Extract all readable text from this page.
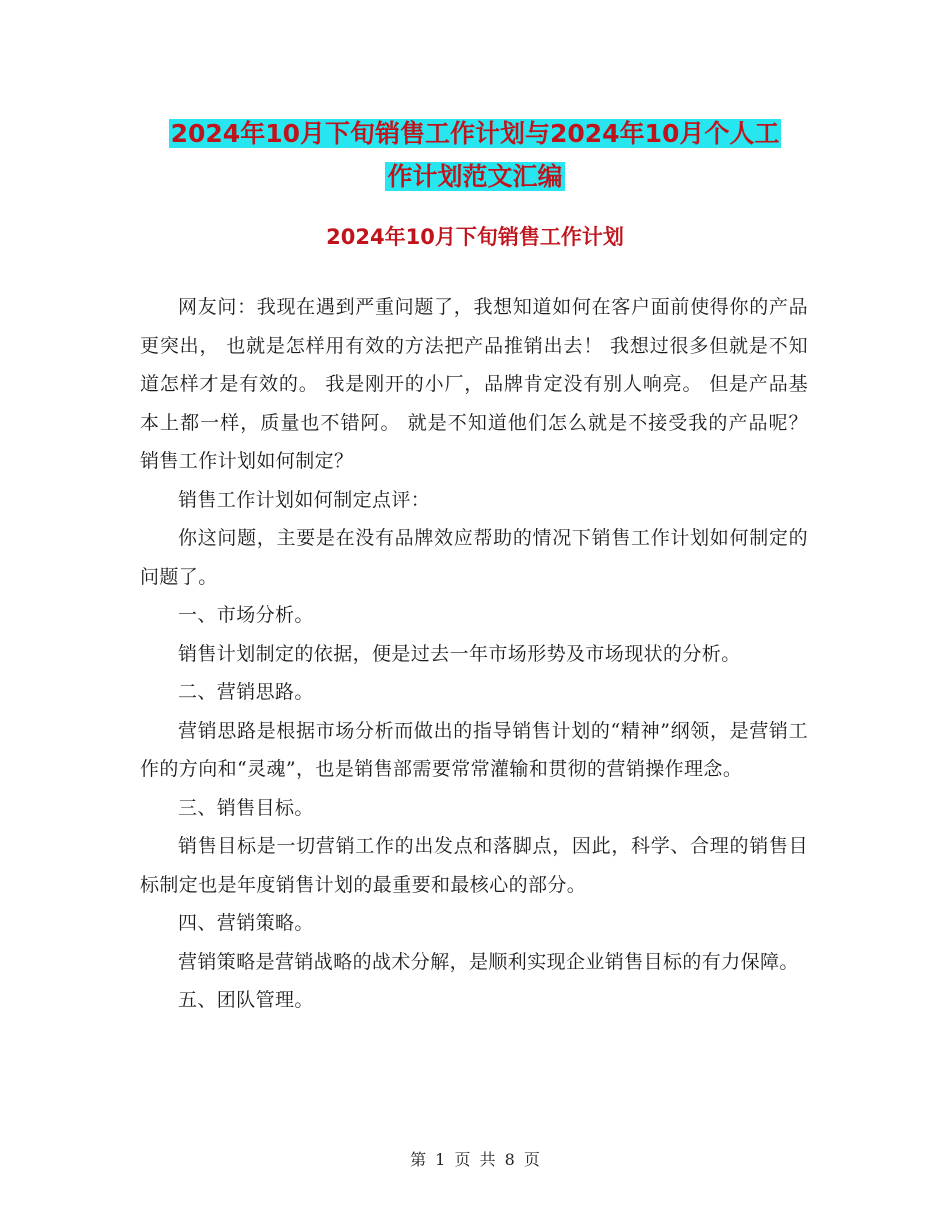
2024年10月下旬销售工作计划与2024年10月个人工
作计划范文汇编
2024年10月下旬销售工作计划

网友问：我现在遇到严重问题了，我想知道如何在客户面前使得你的产品更突出， 也就是怎样用有效的方法把产品推销出去！ 我想过很多但就是不知道怎样才是有效的。 我是刚开的小厂，品牌肯定没有别人响亮。 但是产品基本上都一样，质量也不错阿。 就是不知道他们怎么就是不接受我的产品呢？ 销售工作计划如何制定？

销售工作计划如何制定点评：

你这问题，主要是在没有品牌效应帮助的情况下销售工作计划如何制定的问题了。

一、市场分析。

销售计划制定的依据，便是过去一年市场形势及市场现状的分析。

二、营销思路。

营销思路是根据市场分析而做出的指导销售计划的“精神”纲领，是营销工作的方向和“灵魂”，也是销售部需要常常灌输和贯彻的营销操作理念。

三、销售目标。

销售目标是一切营销工作的出发点和落脚点，因此，科学、合理的销售目标制定也是年度销售计划的最重要和最核心的部分。

四、营销策略。

营销策略是营销战略的战术分解，是顺利实现企业销售目标的有力保障。

五、团队管理。

第 1 页 共 8 页
